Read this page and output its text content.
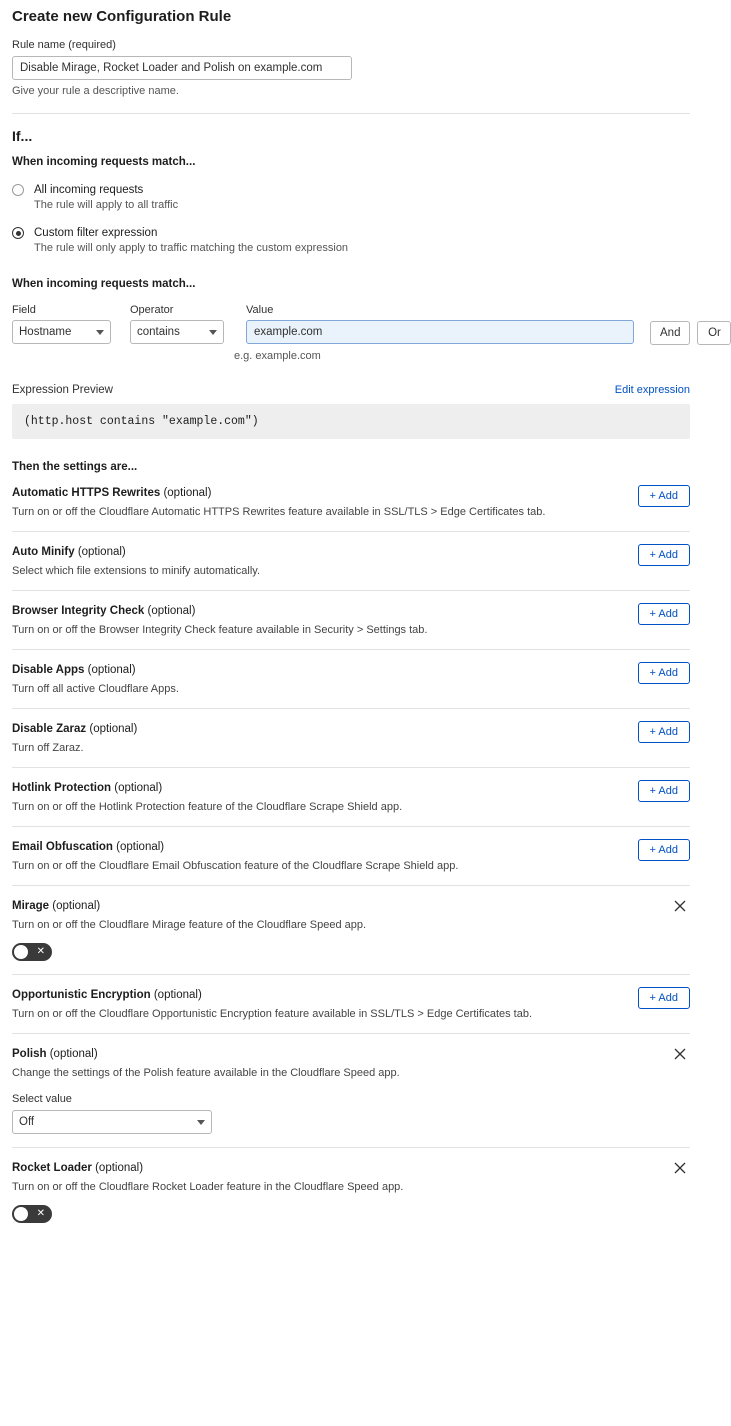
Create new Configuration Rule
Rule name (required)
Disable Mirage, Rocket Loader and Polish on example.com
Give your rule a descriptive name.
If...
When incoming requests match...
All incoming requests
The rule will apply to all traffic
Custom filter expression
The rule will only apply to traffic matching the custom expression
When incoming requests match...
Field
Hostname
Operator
contains
Value
example.com
And	Or
e.g. example.com
Expression Preview	Edit expression
(http.host contains "example.com")
Then the settings are...
Automatic HTTPS Rewrites (optional)
Turn on or off the Cloudflare Automatic HTTPS Rewrites feature available in SSL/TLS > Edge Certificates tab.
+ Add
Auto Minify (optional)
Select which file extensions to minify automatically.
+ Add
Browser Integrity Check (optional)
Turn on or off the Browser Integrity Check feature available in Security > Settings tab.
+ Add
Disable Apps (optional)
Turn off all active Cloudflare Apps.
+ Add
Disable Zaraz (optional)
Turn off Zaraz.
+ Add
Hotlink Protection (optional)
Turn on or off the Hotlink Protection feature of the Cloudflare Scrape Shield app.
+ Add
Email Obfuscation (optional)
Turn on or off the Cloudflare Email Obfuscation feature of the Cloudflare Scrape Shield app.
+ Add
Mirage (optional)
Turn on or off the Cloudflare Mirage feature of the Cloudflare Speed app.
✕
Opportunistic Encryption (optional)
Turn on or off the Cloudflare Opportunistic Encryption feature available in SSL/TLS > Edge Certificates tab.
+ Add
Polish (optional)
Change the settings of the Polish feature available in the Cloudflare Speed app.
Select value
Off
Rocket Loader (optional)
Turn on or off the Cloudflare Rocket Loader feature in the Cloudflare Speed app.
✕
